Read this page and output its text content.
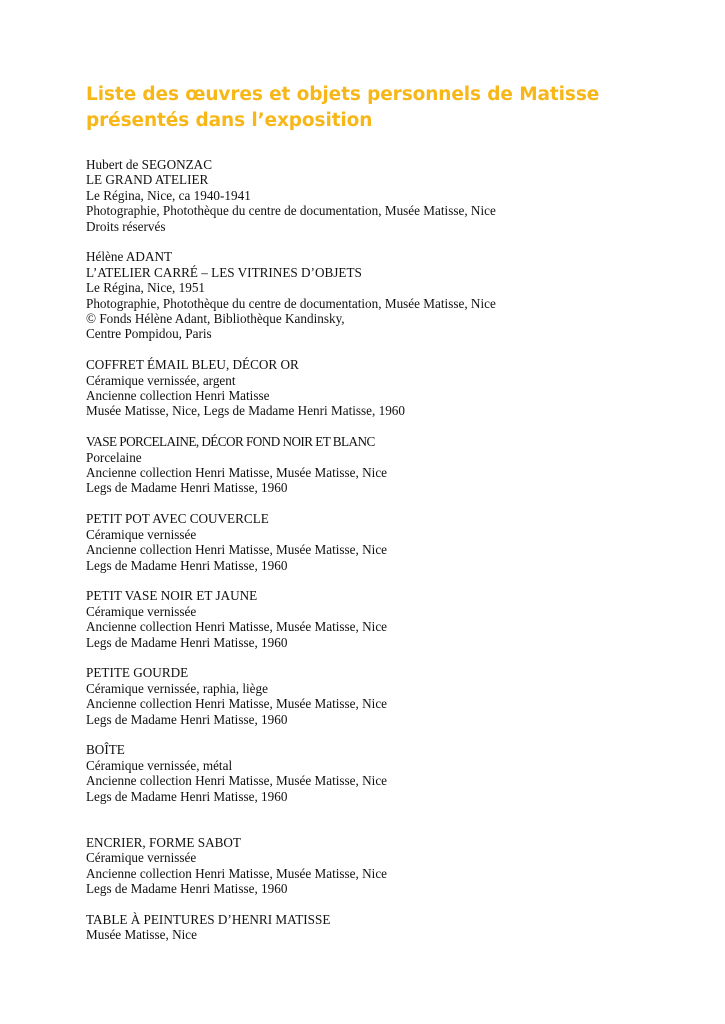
Liste des œuvres et objets personnels de Matisse
présentés dans l’exposition
Hubert de SEGONZAC
LE GRAND ATELIER
Le Régina, Nice, ca 1940-1941
Photographie, Photothèque du centre de documentation, Musée Matisse, Nice
Droits réservés
Hélène ADANT
L’ATELIER CARRÉ – LES VITRINES D’OBJETS
Le Régina, Nice, 1951
Photographie, Photothèque du centre de documentation, Musée Matisse, Nice
© Fonds Hélène Adant, Bibliothèque Kandinsky,
Centre Pompidou, Paris
COFFRET ÉMAIL BLEU, DÉCOR OR
Céramique vernissée, argent
Ancienne collection Henri Matisse
Musée Matisse, Nice, Legs de Madame Henri Matisse, 1960
VASE PORCELAINE, DÉCOR FOND NOIR ET BLANC
Porcelaine
Ancienne collection Henri Matisse, Musée Matisse, Nice
Legs de Madame Henri Matisse, 1960
PETIT POT AVEC COUVERCLE
Céramique vernissée
Ancienne collection Henri Matisse, Musée Matisse, Nice
Legs de Madame Henri Matisse, 1960
PETIT VASE NOIR ET JAUNE
Céramique vernissée
Ancienne collection Henri Matisse, Musée Matisse, Nice
Legs de Madame Henri Matisse, 1960
PETITE GOURDE
Céramique vernissée, raphia, liège
Ancienne collection Henri Matisse, Musée Matisse, Nice
Legs de Madame Henri Matisse, 1960
BOÎTE
Céramique vernissée, métal
Ancienne collection Henri Matisse, Musée Matisse, Nice
Legs de Madame Henri Matisse, 1960
ENCRIER, FORME SABOT
Céramique vernissée
Ancienne collection Henri Matisse, Musée Matisse, Nice
Legs de Madame Henri Matisse, 1960
TABLE À PEINTURES D’HENRI MATISSE
Musée Matisse, Nice
